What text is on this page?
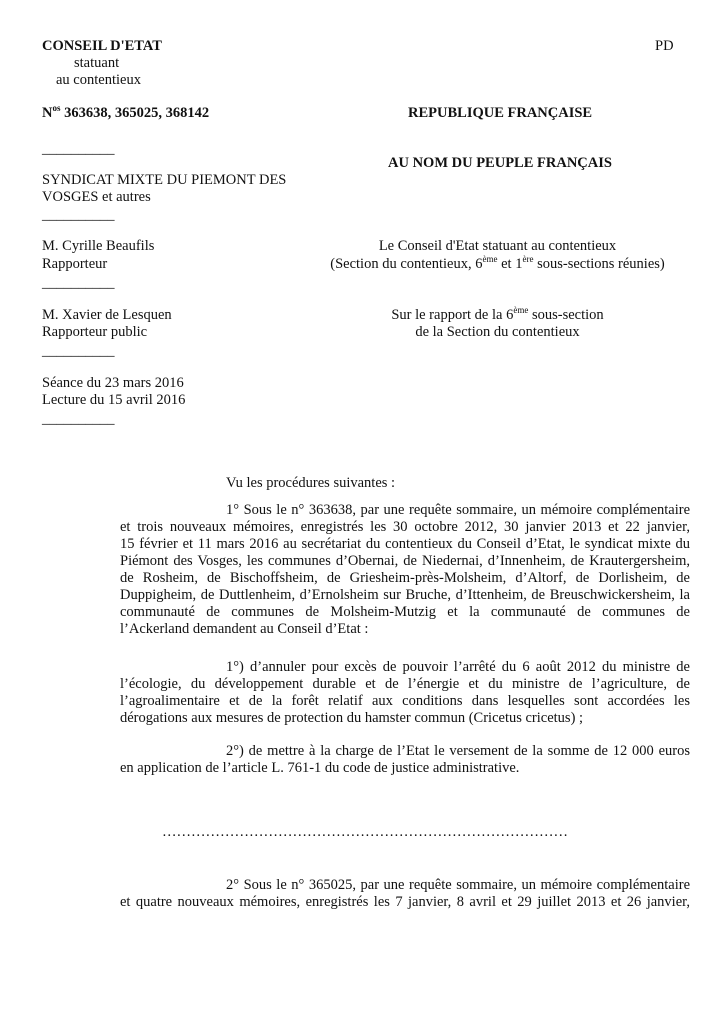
CONSEIL D'ETAT
statuant
au contentieux
PD
$N^{os}$ 363638, 365025, 368142	REPUBLIQUE FRANÇAISE
__________
AU NOM DU PEUPLE FRANÇAIS
SYNDICAT MIXTE DU PIEMONT DES
VOSGES et autres
__________
M. Cyrille Beaufils
Rapporteur
__________
Le Conseil d'Etat statuant au contentieux
(Section du contentieux, 6ème et 1ère sous-sections réunies)
M. Xavier de Lesquen
Rapporteur public
__________
Sur le rapport de la 6ème sous-section
de la Section du contentieux
Séance du 23 mars 2016
Lecture du 15 avril 2016
__________
Vu les procédures suivantes :
1° Sous le n° 363638, par une requête sommaire, un mémoire complémentaire
et trois nouveaux mémoires, enregistrés les 30 octobre 2012, 30 janvier 2013 et 22 janvier,
15 février et 11 mars 2016 au secrétariat du contentieux du Conseil d’Etat, le syndicat mixte du
Piémont des Vosges, les communes d’Obernai, de Niedernai, d’Innenheim, de Krautergersheim,
de Rosheim, de Bischoffsheim, de Griesheim-près-Molsheim, d’Altorf, de Dorlisheim, de
Duppigheim, de Duttlenheim, d’Ernolsheim sur Bruche, d’Ittenheim, de Breuschwickersheim, la
communauté de communes de Molsheim-Mutzig et la communauté de communes de
l’Ackerland demandent au Conseil d’Etat :
1°) d’annuler pour excès de pouvoir l’arrêté du 6 août 2012 du ministre de
l’écologie, du développement durable et de l’énergie et du ministre de l’agriculture, de
l’agroalimentaire et de la forêt relatif aux conditions dans lesquelles sont accordées les
dérogations aux mesures de protection du hamster commun (Cricetus cricetus) ;
2°) de mettre à la charge de l’Etat le versement de la somme de 12 000 euros
en application de l’article L. 761-1 du code de justice administrative.
…………………………………………………………………………
2° Sous le n° 365025, par une requête sommaire, un mémoire complémentaire
et quatre nouveaux mémoires, enregistrés les 7 janvier, 8 avril et 29 juillet 2013 et 26 janvier,
